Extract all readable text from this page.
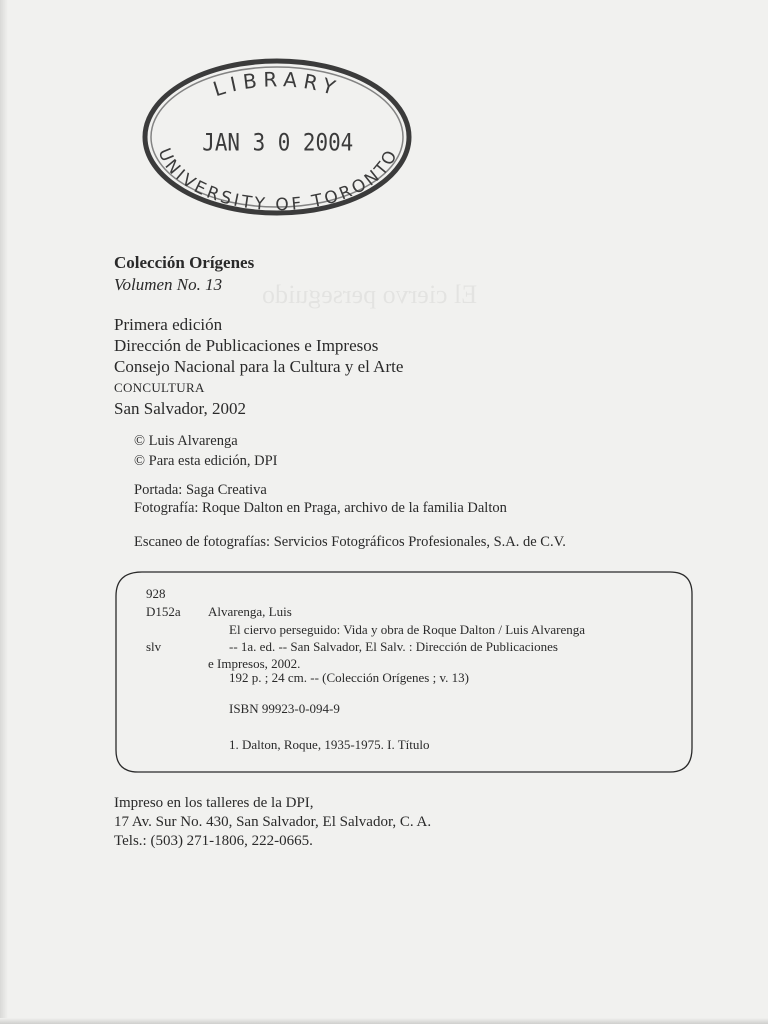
LIBRARY
JAN 3 0 2004
UNIVERSITY OF TORONTO
El ciervo perseguido
Colección Orígenes
Volumen No. 13
Primera edición
Dirección de Publicaciones e Impresos
Consejo Nacional para la Cultura y el Arte
CONCULTURA
San Salvador, 2002
© Luis Alvarenga
© Para esta edición, DPI
Portada: Saga Creativa
Fotografía: Roque Dalton en Praga, archivo de la familia Dalton
Escaneo de fotografías: Servicios Fotográficos Profesionales, S.A. de C.V.
928
D152a Alvarenga, Luis
El ciervo perseguido: Vida y obra de Roque Dalton / Luis Alvarenga
slv	-- 1a. ed. -- San Salvador, El Salv. : Dirección de Publicaciones
e Impresos, 2002.
192 p. ; 24 cm. -- (Colección Orígenes ; v. 13)
ISBN 99923-0-094-9
1. Dalton, Roque, 1935-1975. I. Título
Impreso en los talleres de la DPI,
17 Av. Sur No. 430, San Salvador, El Salvador, C. A.
Tels.: (503) 271-1806, 222-0665.
